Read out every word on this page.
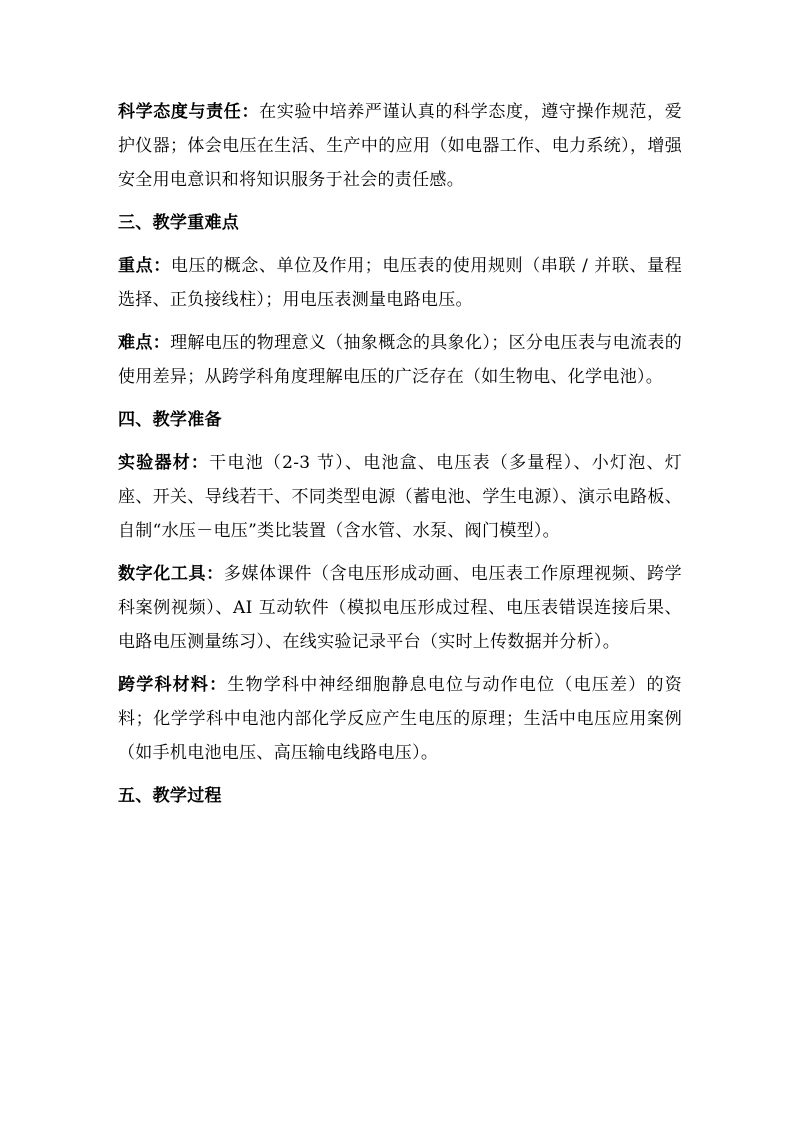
科学态度与责任：在实验中培养严谨认真的科学态度，遵守操作规范，爱护仪器；体会电压在生活、生产中的应用（如电器工作、电力系统），增强安全用电意识和将知识服务于社会的责任感。

三、教学重难点

重点：电压的概念、单位及作用；电压表的使用规则（串联 / 并联、量程选择、正负接线柱）；用电压表测量电路电压。

难点：理解电压的物理意义（抽象概念的具象化）；区分电压表与电流表的使用差异；从跨学科角度理解电压的广泛存在（如生物电、化学电池）。

四、教学准备

实验器材：干电池（2-3 节）、电池盒、电压表（多量程）、小灯泡、灯座、开关、导线若干、不同类型电源（蓄电池、学生电源）、演示电路板、自制“水压－电压”类比装置（含水管、水泵、阀门模型）。

数字化工具：多媒体课件（含电压形成动画、电压表工作原理视频、跨学科案例视频）、AI 互动软件（模拟电压形成过程、电压表错误连接后果、电路电压测量练习）、在线实验记录平台（实时上传数据并分析）。

跨学科材料：生物学科中神经细胞静息电位与动作电位（电压差）的资料；化学学科中电池内部化学反应产生电压的原理；生活中电压应用案例（如手机电池电压、高压输电线路电压）。

五、教学过程
